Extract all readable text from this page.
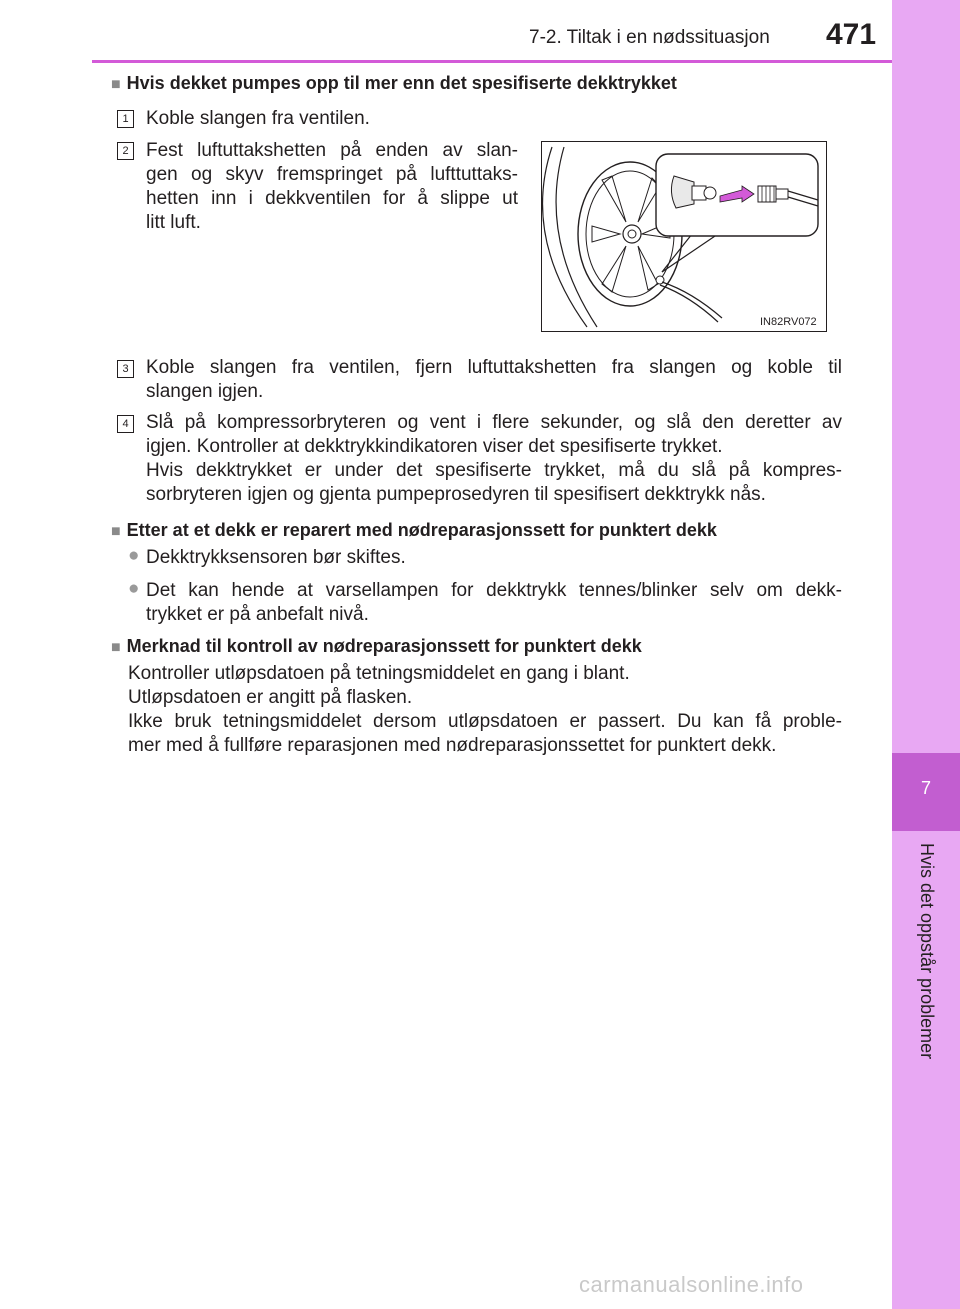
7-2. Tiltak i en nødssituasjon 471
7
Hvis det oppstår problemer
■ Hvis dekket pumpes opp til mer enn det spesifiserte dekktrykket
1 Koble slangen fra ventilen.
2 Fest luftuttakshetten på enden av slan-
gen og skyv fremspringet på lufttuttaks-
hetten inn i dekkventilen for å slippe ut
litt luft.
IN82RV072
3 Koble slangen fra ventilen, fjern luftuttakshetten fra slangen og koble til
slangen igjen.
4 Slå på kompressorbryteren og vent i flere sekunder, og slå den deretter av
igjen. Kontroller at dekktrykkindikatoren viser det spesifiserte trykket.
Hvis dekktrykket er under det spesifiserte trykket, må du slå på kompres-
sorbryteren igjen og gjenta pumpeprosedyren til spesifisert dekktrykk nås.
■ Etter at et dekk er reparert med nødreparasjonssett for punktert dekk
● Dekktrykksensoren bør skiftes.
● Det kan hende at varsellampen for dekktrykk tennes/blinker selv om dekk-
trykket er på anbefalt nivå.
■ Merknad til kontroll av nødreparasjonssett for punktert dekk
Kontroller utløpsdatoen på tetningsmiddelet en gang i blant.
Utløpsdatoen er angitt på flasken.
Ikke bruk tetningsmiddelet dersom utløpsdatoen er passert. Du kan få proble-
mer med å fullføre reparasjonen med nødreparasjonssettet for punktert dekk.
carmanualsonline.info
